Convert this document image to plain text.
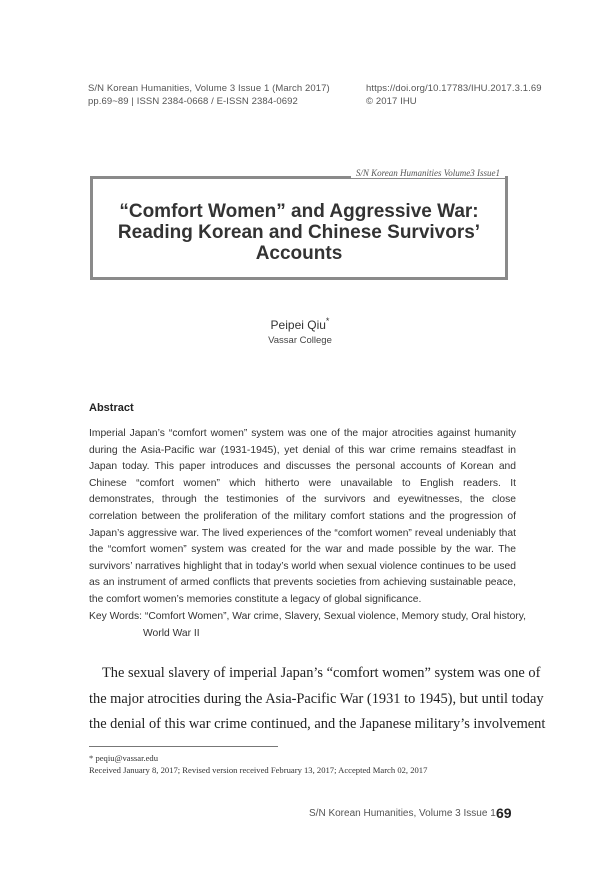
S/N Korean Humanities, Volume 3 Issue 1 (March 2017)
pp.69~89 | ISSN 2384-0668 / E-ISSN 2384-0692
https://doi.org/10.17783/IHU.2017.3.1.69
© 2017 IHU
S/N Korean Humanities Volume3 Issue1
“Comfort Women” and Aggressive War:
Reading Korean and Chinese Survivors’
Accounts
Peipei Qiu*
Vassar College
Abstract
Imperial Japan’s “comfort women” system was one of the major atrocities against humanity during the Asia-Pacific war (1931-1945), yet denial of this war crime remains steadfast in Japan today. This paper introduces and discusses the personal accounts of Korean and Chinese “comfort women” which hitherto were unavailable to English readers. It demonstrates, through the testimonies of the survivors and eyewitnesses, the close correlation between the proliferation of the military comfort stations and the progression of Japan’s aggressive war. The lived experiences of the “comfort women” reveal undeniably that the “comfort women” system was created for the war and made possible by the war. The survivors’ narratives highlight that in today’s world when sexual violence continues to be used as an instrument of armed conflicts that prevents societies from achieving sustainable peace, the comfort women’s memories constitute a legacy of global significance.
Key Words: “Comfort Women”, War crime, Slavery, Sexual violence, Memory study, Oral history,
World War II
The sexual slavery of imperial Japan’s “comfort women” system was one of
the major atrocities during the Asia-Pacific War (1931 to 1945), but until today
the denial of this war crime continued, and the Japanese military’s involvement
* peqiu@vassar.edu
Received January 8, 2017; Revised version received February 13, 2017; Accepted March 02, 2017
S/N Korean Humanities, Volume 3 Issue 1 69
